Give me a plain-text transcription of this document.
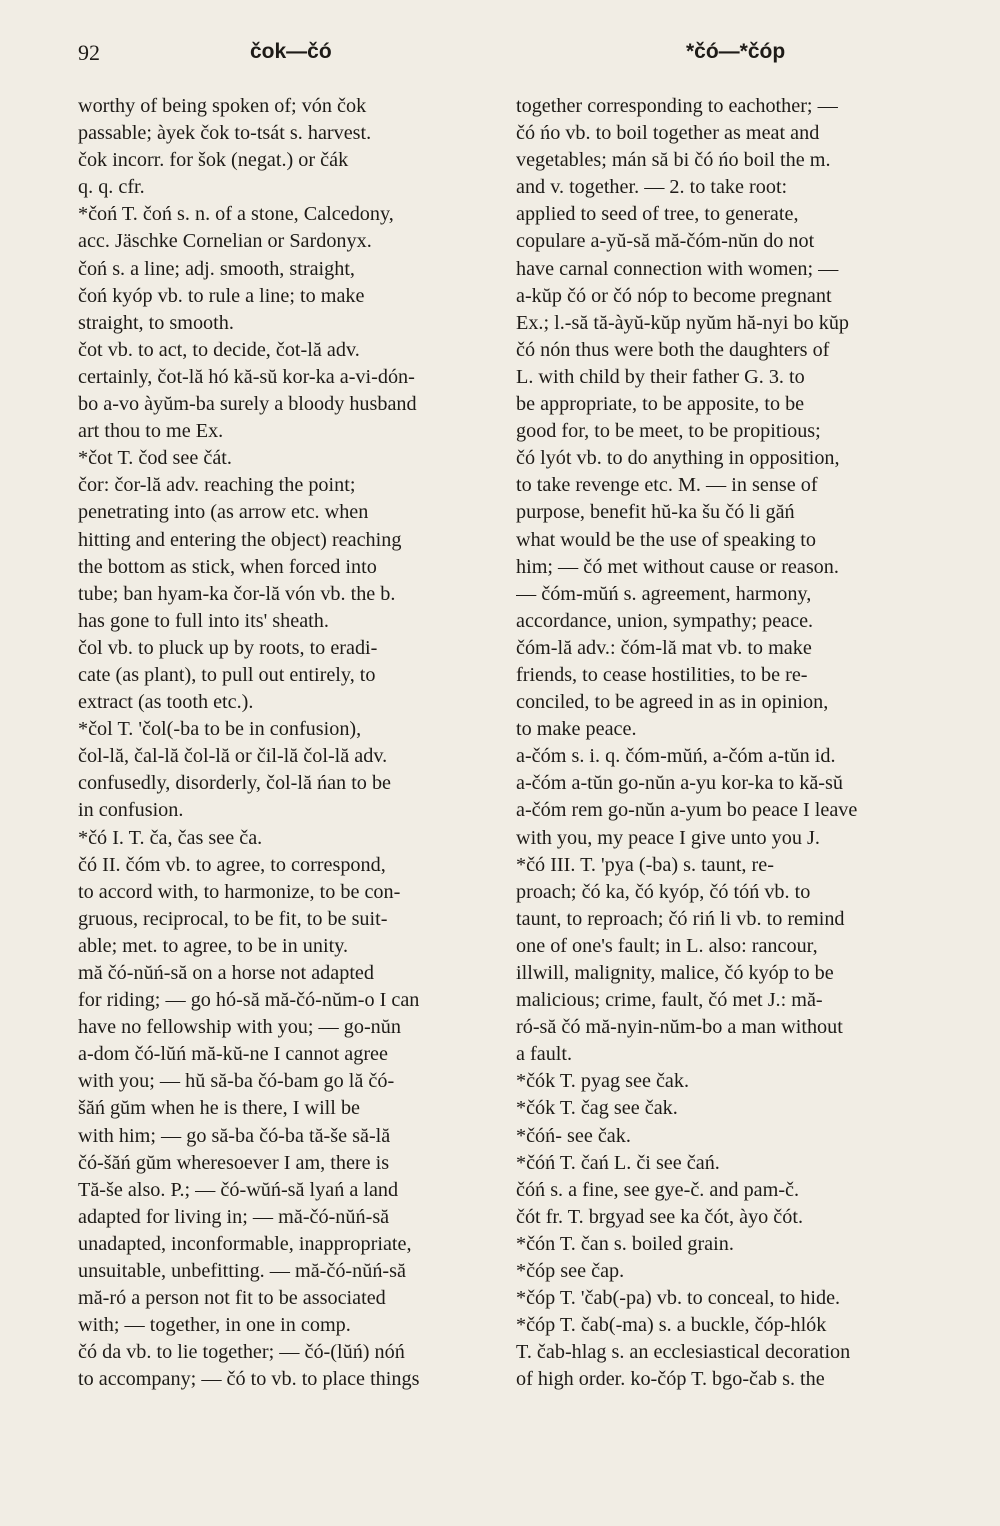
92	čok—čó	*čó—*čóp
worthy of being spoken of; vón čok
passable; àyek čok to-tsát s. harvest.
čok incorr. for šok (negat.) or čák
q. q. cfr.
*čoń T. čoń s. n. of a stone, Calcedony,
acc. Jäschke Cornelian or Sardonyx.
čoń s. a line; adj. smooth, straight,
čoń kyóp vb. to rule a line; to make
straight, to smooth.
čot vb. to act, to decide, čot-lă adv.
certainly, čot-lă hó kă-sŭ kor-ka a-vi-dón-
bo a-vo àyŭm-ba surely a bloody husband
art thou to me Ex.
*čot T. čod see čát.
čor: čor-lă adv. reaching the point;
penetrating into (as arrow etc. when
hitting and entering the object) reaching
the bottom as stick, when forced into
tube; ban hyam-ka čor-lă vón vb. the b.
has gone to full into its' sheath.
čol vb. to pluck up by roots, to eradi-
cate (as plant), to pull out entirely, to
extract (as tooth etc.).
*čol T. 'čol(-ba to be in confusion),
čol-lă, čal-lă čol-lă or čil-lă čol-lă adv.
confusedly, disorderly, čol-lă ńan to be
in confusion.
*čó I. T. ča, čas see ča.
čó II. čóm vb. to agree, to correspond,
to accord with, to harmonize, to be con-
gruous, reciprocal, to be fit, to be suit-
able; met. to agree, to be in unity.
mă čó-nŭń-să on a horse not adapted
for riding; — go hó-să mă-čó-nŭm-o I can
have no fellowship with you; — go-nŭn
a-dom čó-lŭń mă-kŭ-ne I cannot agree
with you; — hŭ să-ba čó-bam go lă čó-
šăń gŭm when he is there, I will be
with him; — go să-ba čó-ba tă-še să-lă
čó-šăń gŭm wheresoever I am, there is
Tă-še also. P.; — čó-wŭń-să lyań a land
adapted for living in; — mă-čó-nŭń-să
unadapted, inconformable, inappropriate,
unsuitable, unbefitting. — mă-čó-nŭń-să
mă-ró a person not fit to be associated
with; — together, in one in comp.
čó da vb. to lie together; — čó-(lŭń) nóń
to accompany; — čó to vb. to place things
together corresponding to eachother; —
čó ńo vb. to boil together as meat and
vegetables; mán să bi čó ńo boil the m.
and v. together. — 2. to take root:
applied to seed of tree, to generate,
copulare a-yŭ-să mă-čóm-nŭn do not
have carnal connection with women; —
a-kŭp čó or čó nóp to become pregnant
Ex.; l.-să tă-àyŭ-kŭp nyŭm hă-nyi bo kŭp
čó nón thus were both the daughters of
L. with child by their father G. 3. to
be appropriate, to be apposite, to be
good for, to be meet, to be propitious;
čó lyót vb. to do anything in opposition,
to take revenge etc. M. — in sense of
purpose, benefit hŭ-ka šu čó li găń
what would be the use of speaking to
him; — čó met without cause or reason.
— čóm-mŭń s. agreement, harmony,
accordance, union, sympathy; peace.
čóm-lă adv.: čóm-lă mat vb. to make
friends, to cease hostilities, to be re-
conciled, to be agreed in as in opinion,
to make peace.
a-čóm s. i. q. čóm-mŭń, a-čóm a-tŭn id.
a-čóm a-tŭn go-nŭn a-yu kor-ka to kă-sŭ
a-čóm rem go-nŭn a-yum bo peace I leave
with you, my peace I give unto you J.
*čó III. T. 'pya (-ba) s. taunt, re-
proach; čó ka, čó kyóp, čó tóń vb. to
taunt, to reproach; čó riń li vb. to remind
one of one's fault; in L. also: rancour,
illwill, malignity, malice, čó kyóp to be
malicious; crime, fault, čó met J.: mă-
ró-să čó mă-nyin-nŭm-bo a man without
a fault.
*čók T. pyag see čak.
*čók T. čag see čak.
*čóń- see čak.
*čóń T. čań L. či see čań.
čóń s. a fine, see gye-č. and pam-č.
čót fr. T. brgyad see ka čót, àyo čót.
*čón T. čan s. boiled grain.
*čóp see čap.
*čóp T. 'čab(-pa) vb. to conceal, to hide.
*čóp T. čab(-ma) s. a buckle, čóp-hlók
T. čab-hlag s. an ecclesiastical decoration
of high order. ko-čóp T. bgo-čab s. the
